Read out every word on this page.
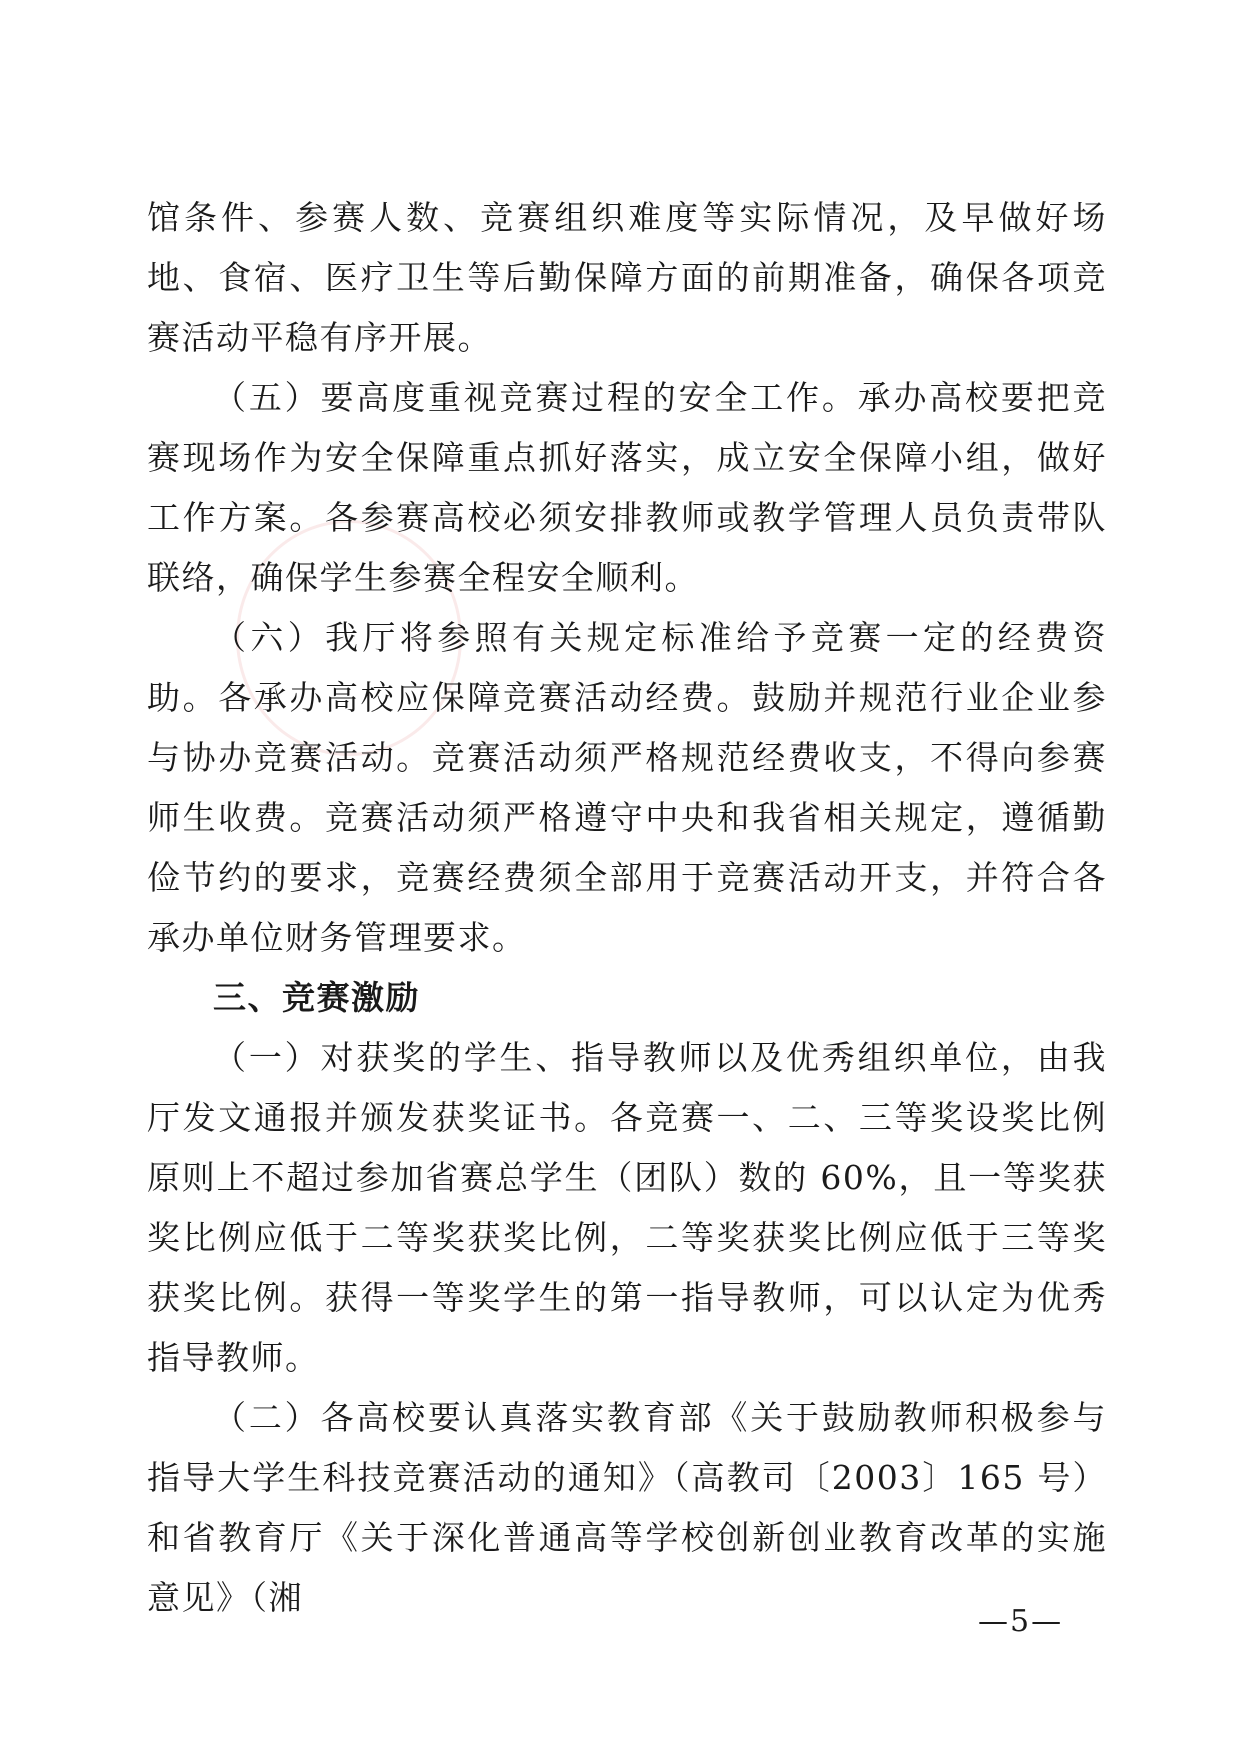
馆条件、参赛人数、竞赛组织难度等实际情况，及早做好场地、食宿、医疗卫生等后勤保障方面的前期准备，确保各项竞赛活动平稳有序开展。

（五）要高度重视竞赛过程的安全工作。承办高校要把竞赛现场作为安全保障重点抓好落实，成立安全保障小组，做好工作方案。各参赛高校必须安排教师或教学管理人员负责带队联络，确保学生参赛全程安全顺利。

（六）我厅将参照有关规定标准给予竞赛一定的经费资助。各承办高校应保障竞赛活动经费。鼓励并规范行业企业参与协办竞赛活动。竞赛活动须严格规范经费收支，不得向参赛师生收费。竞赛活动须严格遵守中央和我省相关规定，遵循勤俭节约的要求，竞赛经费须全部用于竞赛活动开支，并符合各承办单位财务管理要求。

三、竞赛激励

（一）对获奖的学生、指导教师以及优秀组织单位，由我厅发文通报并颁发获奖证书。各竞赛一、二、三等奖设奖比例原则上不超过参加省赛总学生（团队）数的 60%，且一等奖获奖比例应低于二等奖获奖比例，二等奖获奖比例应低于三等奖获奖比例。获得一等奖学生的第一指导教师，可以认定为优秀指导教师。

（二）各高校要认真落实教育部《关于鼓励教师积极参与指导大学生科技竞赛活动的通知》（高教司〔2003〕165 号）和省教育厅《关于深化普通高等学校创新创业教育改革的实施意见》（湘

—5—
